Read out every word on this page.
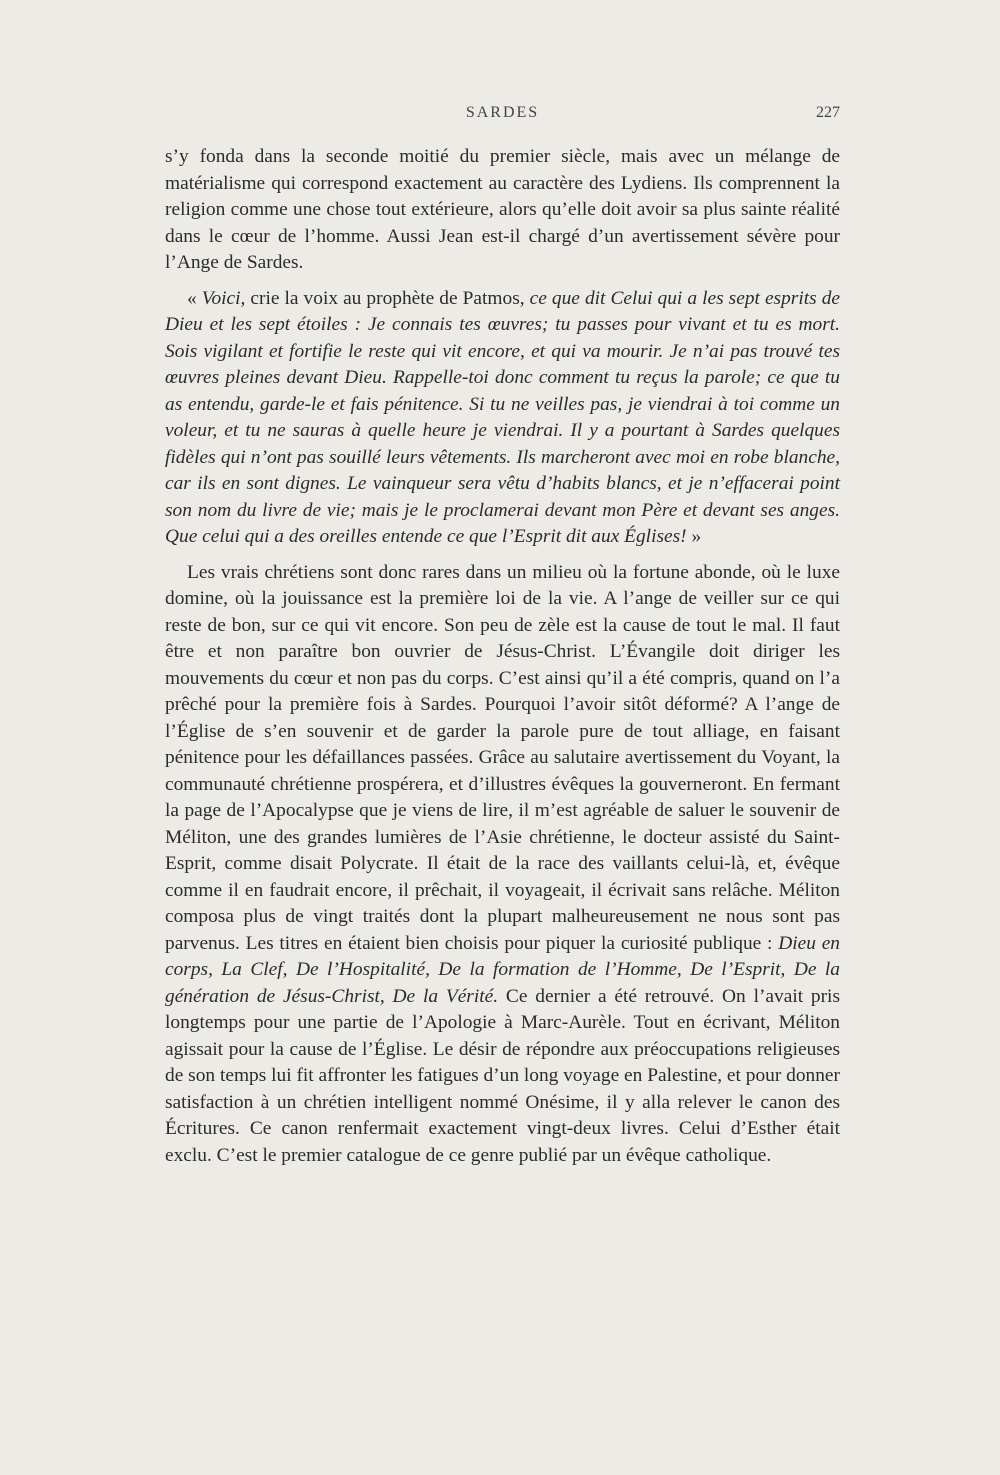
SARDES	227

s’y fonda dans la seconde moitié du premier siècle, mais avec un mélange de matérialisme qui correspond exactement au caractère des Lydiens. Ils comprennent la religion comme une chose tout extérieure, alors qu’elle doit avoir sa plus sainte réalité dans le cœur de l’homme. Aussi Jean est-il chargé d’un avertissement sévère pour l’Ange de Sardes.

« Voici, crie la voix au prophète de Patmos, ce que dit Celui qui a les sept esprits de Dieu et les sept étoiles : Je connais tes œuvres; tu passes pour vivant et tu es mort. Sois vigilant et fortifie le reste qui vit encore, et qui va mourir. Je n’ai pas trouvé tes œuvres pleines devant Dieu. Rappelle-toi donc comment tu reçus la parole; ce que tu as entendu, garde-le et fais pénitence. Si tu ne veilles pas, je viendrai à toi comme un voleur, et tu ne sauras à quelle heure je viendrai. Il y a pourtant à Sardes quelques fidèles qui n’ont pas souillé leurs vêtements. Ils marcheront avec moi en robe blanche, car ils en sont dignes. Le vainqueur sera vêtu d’habits blancs, et je n’effacerai point son nom du livre de vie; mais je le proclamerai devant mon Père et devant ses anges. Que celui qui a des oreilles entende ce que l’Esprit dit aux Églises! »

Les vrais chrétiens sont donc rares dans un milieu où la fortune abonde, où le luxe domine, où la jouissance est la première loi de la vie. A l’ange de veiller sur ce qui reste de bon, sur ce qui vit encore. Son peu de zèle est la cause de tout le mal. Il faut être et non paraître bon ouvrier de Jésus-Christ. L’Évangile doit diriger les mouvements du cœur et non pas du corps. C’est ainsi qu’il a été compris, quand on l’a prêché pour la première fois à Sardes. Pourquoi l’avoir sitôt déformé? A l’ange de l’Église de s’en souvenir et de garder la parole pure de tout alliage, en faisant pénitence pour les défaillances passées. Grâce au salutaire avertissement du Voyant, la communauté chrétienne prospérera, et d’illustres évêques la gouverneront. En fermant la page de l’Apocalypse que je viens de lire, il m’est agréable de saluer le souvenir de Méliton, une des grandes lumières de l’Asie chrétienne, le docteur assisté du Saint-Esprit, comme disait Polycrate. Il était de la race des vaillants celui-là, et, évêque comme il en faudrait encore, il prêchait, il voyageait, il écrivait sans relâche. Méliton composa plus de vingt traités dont la plupart malheureusement ne nous sont pas parvenus. Les titres en étaient bien choisis pour piquer la curiosité publique : Dieu en corps, La Clef, De l’Hospitalité, De la formation de l’Homme, De l’Esprit, De la génération de Jésus-Christ, De la Vérité. Ce dernier a été retrouvé. On l’avait pris longtemps pour une partie de l’Apologie à Marc-Aurèle. Tout en écrivant, Méliton agissait pour la cause de l’Église. Le désir de répondre aux préoccupations religieuses de son temps lui fit affronter les fatigues d’un long voyage en Palestine, et pour donner satisfaction à un chrétien intelligent nommé Onésime, il y alla relever le canon des Écritures. Ce canon renfermait exactement vingt-deux livres. Celui d’Esther était exclu. C’est le premier catalogue de ce genre publié par un évêque catholique.
